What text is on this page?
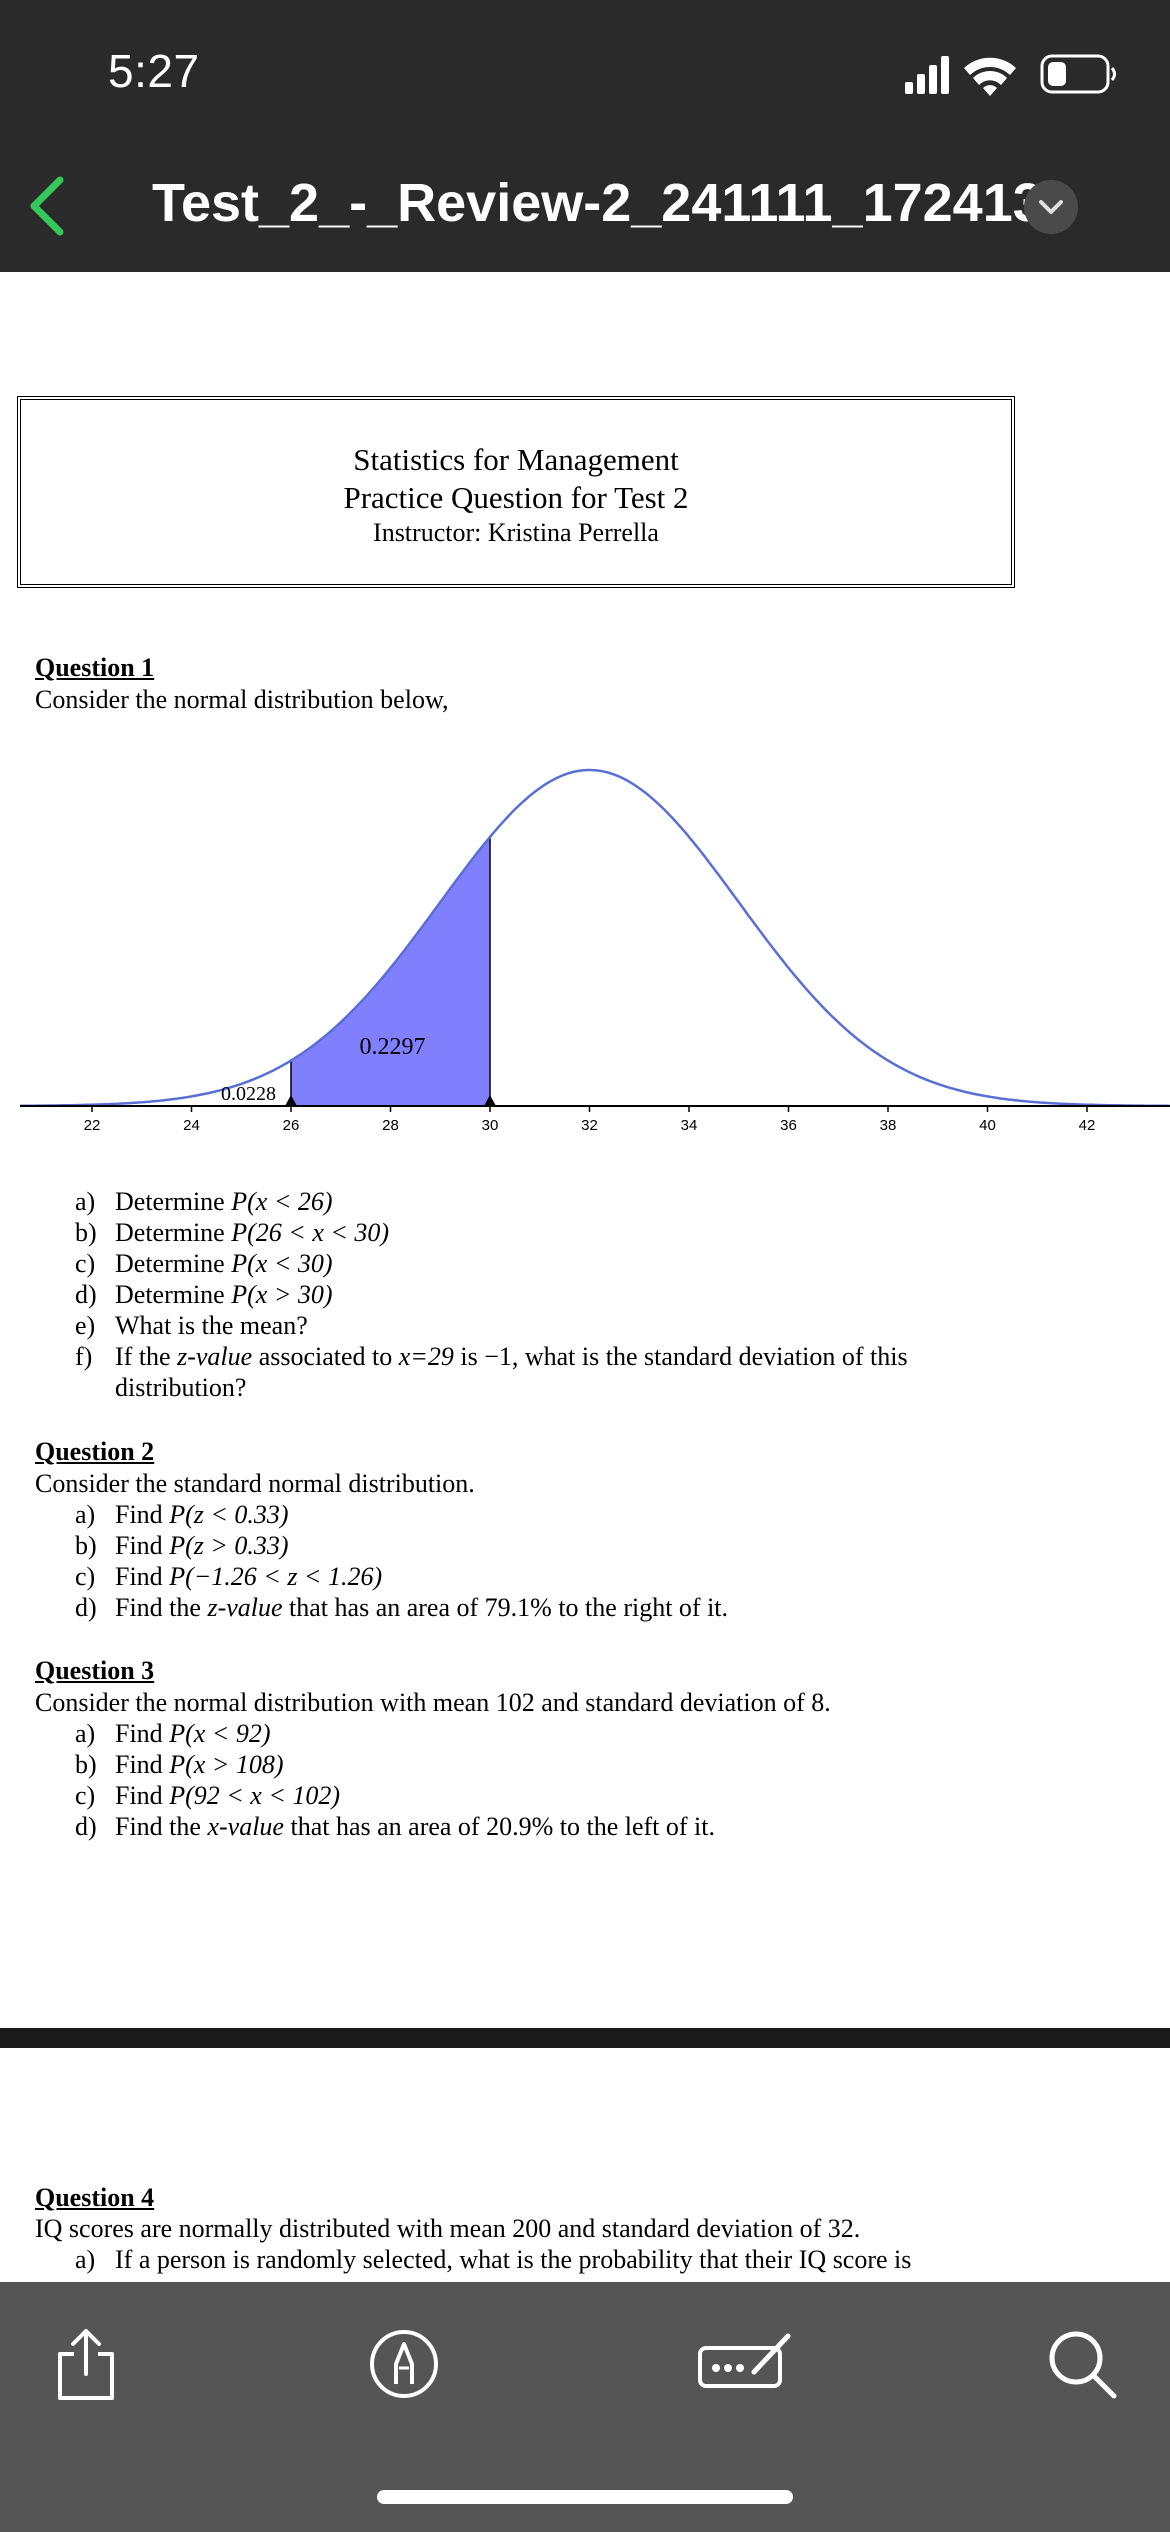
5:27
Test_2_-_Review-2_241111_172413
Statistics for Management
Practice Question for Test 2
Instructor: Kristina Perrella
Question 1
Consider the normal distribution below,
22	24	26	28	30	32	34	36	38	40	42
0.0228
0.2297
a) Determine P(x < 26)
b) Determine P(26 < x < 30)
c) Determine P(x < 30)
d) Determine P(x > 30)
e) What is the mean?
f) If the z-value associated to x=29 is −1, what is the standard deviation of this
distribution?
Question 2
Consider the standard normal distribution.
a) Find P(z < 0.33)
b) Find P(z > 0.33)
c) Find P(−1.26 < z < 1.26)
d) Find the z-value that has an area of 79.1% to the right of it.
Question 3
Consider the normal distribution with mean 102 and standard deviation of 8.
a) Find P(x < 92)
b) Find P(x > 108)
c) Find P(92 < x < 102)
d) Find the x-value that has an area of 20.9% to the left of it.
Question 4
IQ scores are normally distributed with mean 200 and standard deviation of 32.
a) If a person is randomly selected, what is the probability that their IQ score is
